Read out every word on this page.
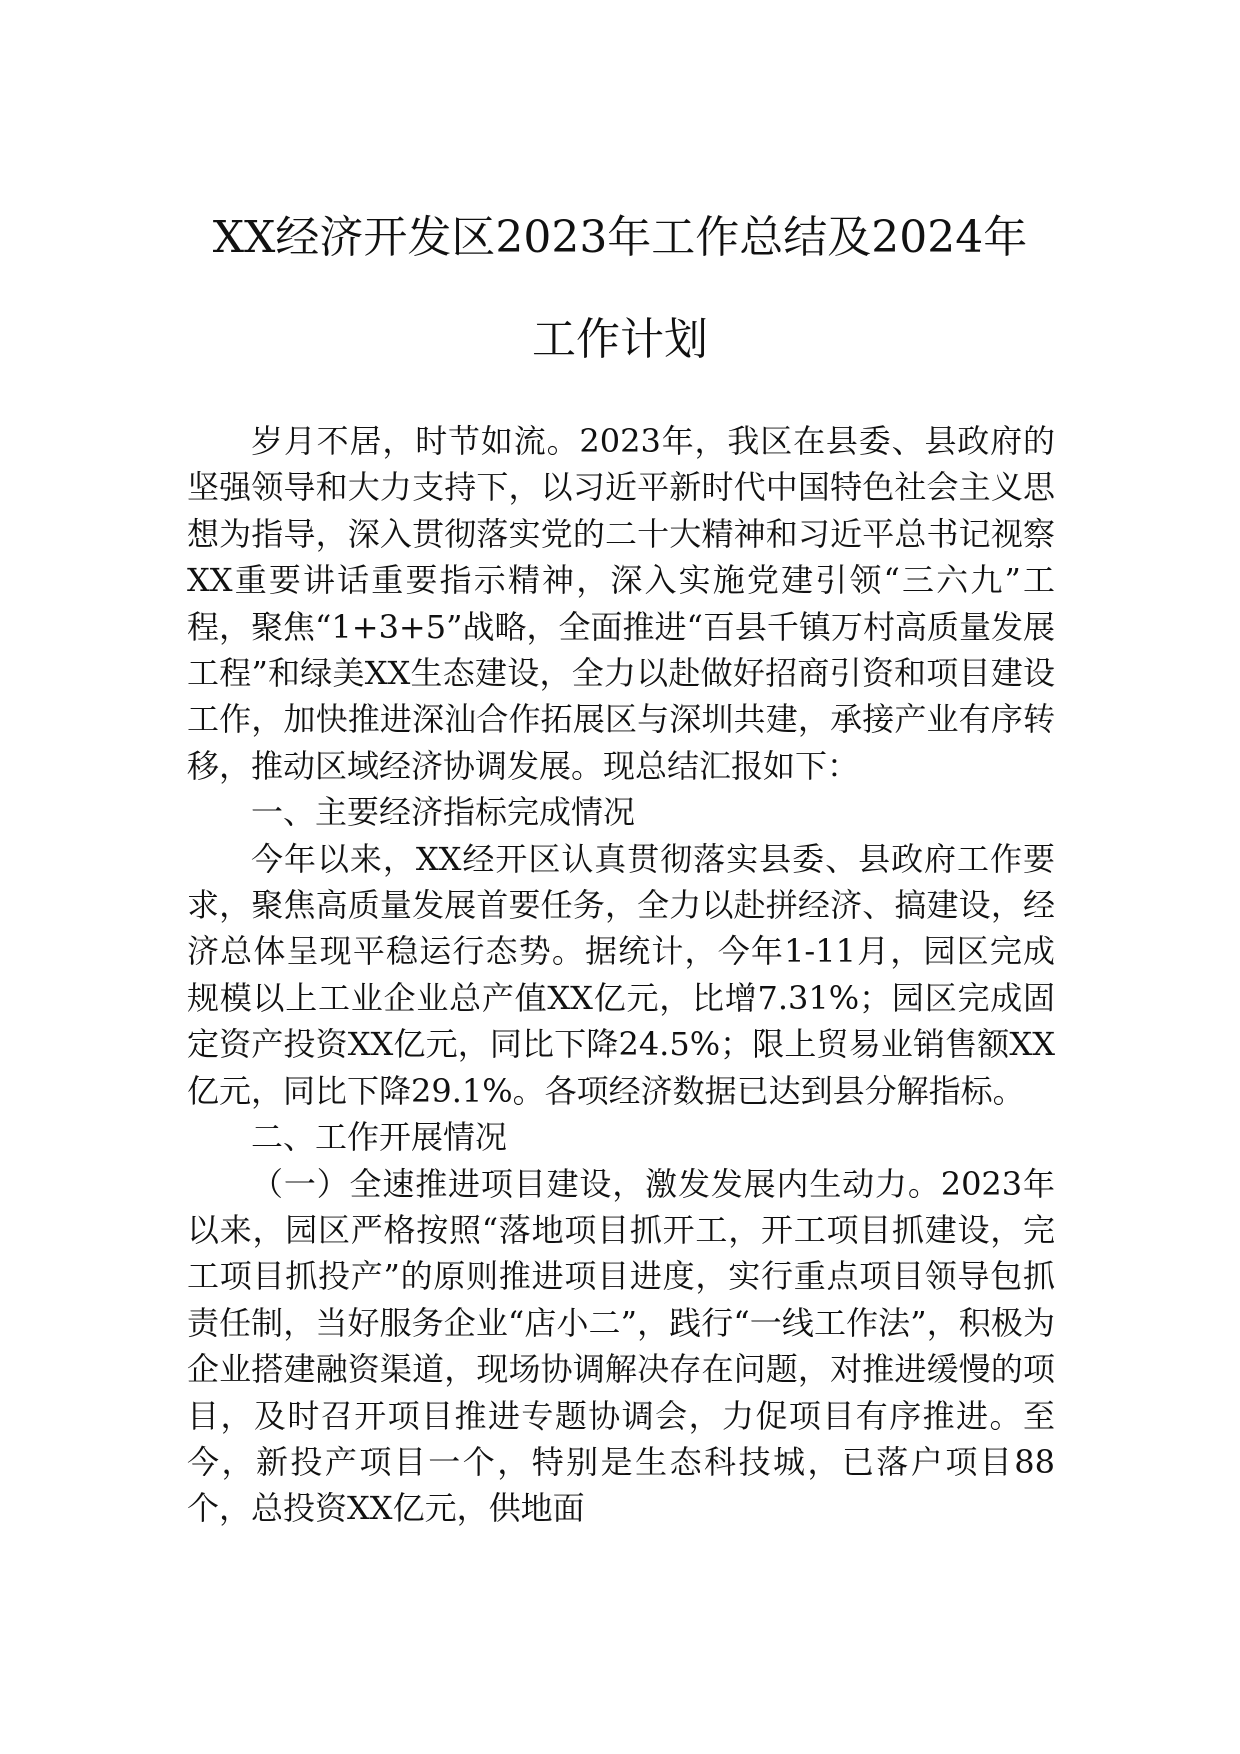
XX经济开发区2023年工作总结及2024年
工作计划

岁月不居，时节如流。2023年，我区在县委、县政府的坚强领导和大力支持下，以习近平新时代中国特色社会主义思想为指导，深入贯彻落实党的二十大精神和习近平总书记视察XX重要讲话重要指示精神，深入实施党建引领“三六九”工程，聚焦“1+3+5”战略，全面推进“百县千镇万村高质量发展工程”和绿美XX生态建设，全力以赴做好招商引资和项目建设工作，加快推进深汕合作拓展区与深圳共建，承接产业有序转移，推动区域经济协调发展。现总结汇报如下：

一、主要经济指标完成情况

今年以来，XX经开区认真贯彻落实县委、县政府工作要求，聚焦高质量发展首要任务，全力以赴拼经济、搞建设，经济总体呈现平稳运行态势。据统计，今年1-11月，园区完成规模以上工业企业总产值XX亿元，比增7.31%；园区完成固定资产投资XX亿元，同比下降24.5%；限上贸易业销售额XX亿元，同比下降29.1%。各项经济数据已达到县分解指标。

二、工作开展情况

（一）全速推进项目建设，激发发展内生动力。2023年以来，园区严格按照“落地项目抓开工，开工项目抓建设，完工项目抓投产”的原则推进项目进度，实行重点项目领导包抓责任制，当好服务企业“店小二”，践行“一线工作法”，积极为企业搭建融资渠道，现场协调解决存在问题，对推进缓慢的项目，及时召开项目推进专题协调会，力促项目有序推进。至今，新投产项目一个，特别是生态科技城，已落户项目88个，总投资XX亿元，供地面
